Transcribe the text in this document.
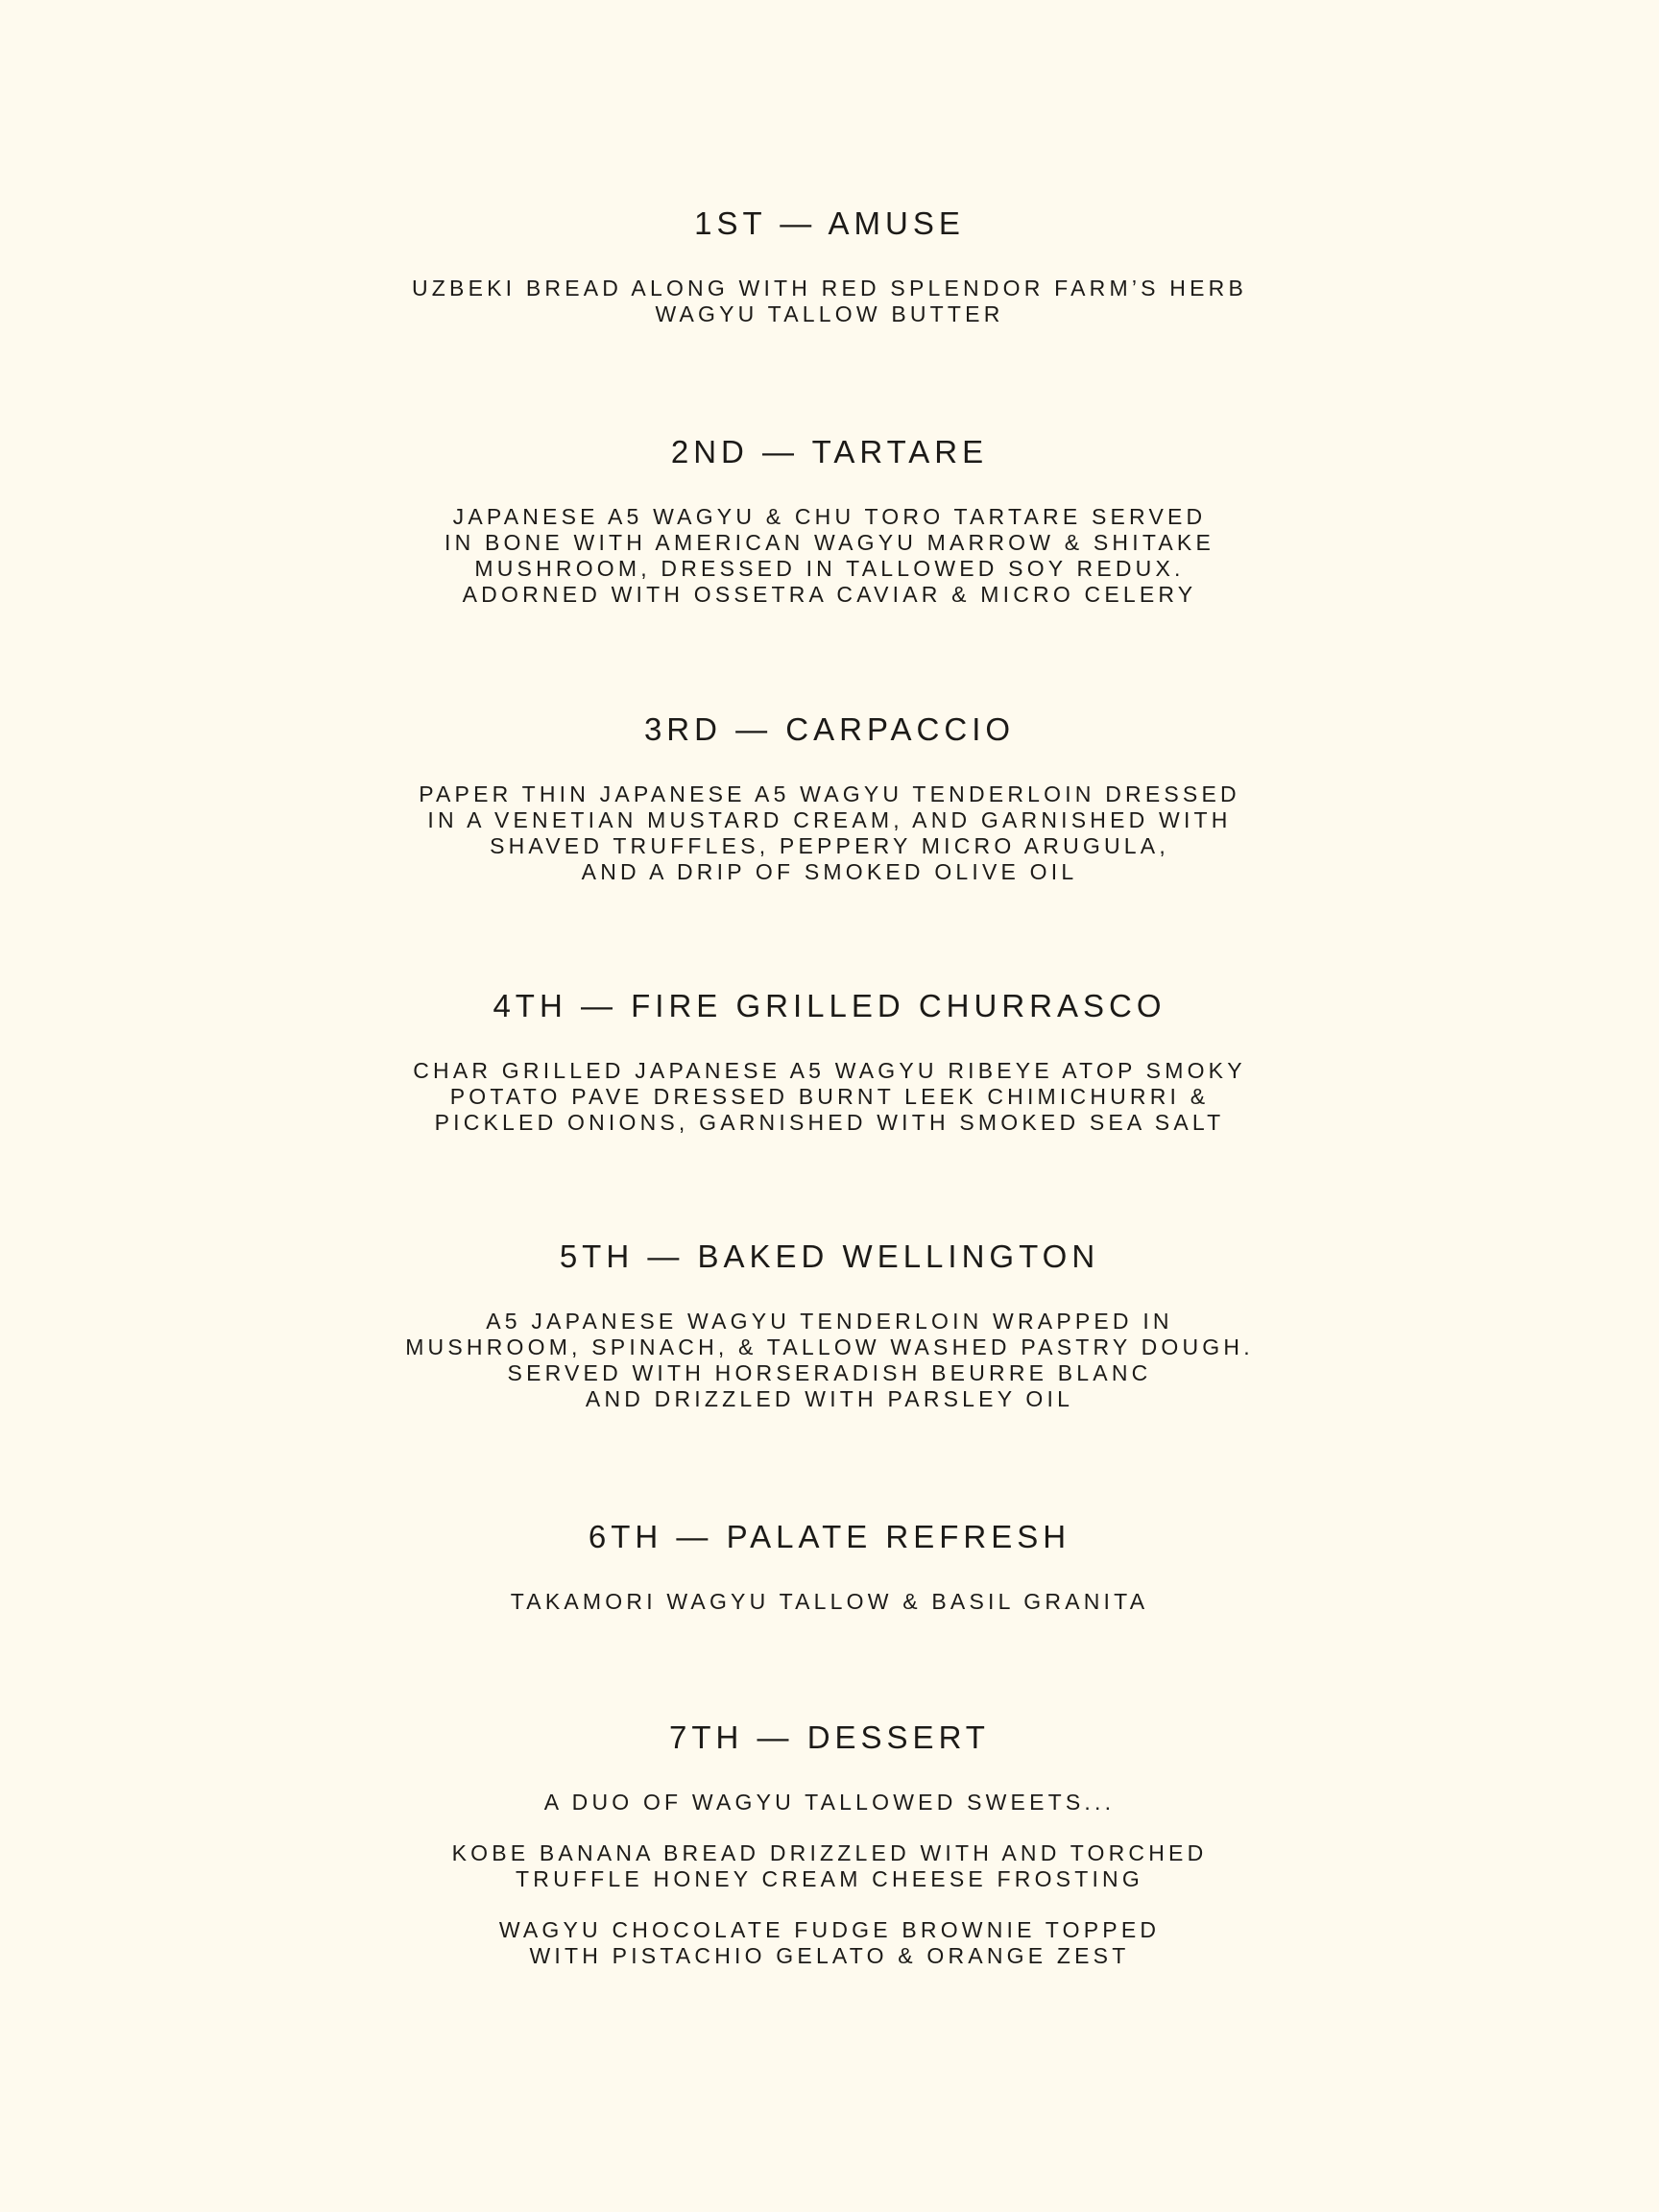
1ST — AMUSE
UZBEKI BREAD ALONG WITH RED SPLENDOR FARM’S HERB
WAGYU TALLOW BUTTER
2ND — TARTARE
JAPANESE A5 WAGYU & CHU TORO TARTARE SERVED
IN BONE WITH AMERICAN WAGYU MARROW & SHITAKE
MUSHROOM, DRESSED IN TALLOWED SOY REDUX.
ADORNED WITH OSSETRA CAVIAR & MICRO CELERY
3RD — CARPACCIO
PAPER THIN JAPANESE A5 WAGYU TENDERLOIN DRESSED
IN A VENETIAN MUSTARD CREAM, AND GARNISHED WITH
SHAVED TRUFFLES, PEPPERY MICRO ARUGULA,
AND A DRIP OF SMOKED OLIVE OIL
4TH — FIRE GRILLED CHURRASCO
CHAR GRILLED JAPANESE A5 WAGYU RIBEYE ATOP SMOKY
POTATO PAVE DRESSED BURNT LEEK CHIMICHURRI &
PICKLED ONIONS, GARNISHED WITH SMOKED SEA SALT
5TH — BAKED WELLINGTON
A5 JAPANESE WAGYU TENDERLOIN WRAPPED IN
MUSHROOM, SPINACH, & TALLOW WASHED PASTRY DOUGH.
SERVED WITH HORSERADISH BEURRE BLANC
AND DRIZZLED WITH PARSLEY OIL
6TH — PALATE REFRESH
TAKAMORI WAGYU TALLOW & BASIL GRANITA
7TH — DESSERT
A DUO OF WAGYU TALLOWED SWEETS...
KOBE BANANA BREAD DRIZZLED WITH AND TORCHED
TRUFFLE HONEY CREAM CHEESE FROSTING
WAGYU CHOCOLATE FUDGE BROWNIE TOPPED
WITH PISTACHIO GELATO & ORANGE ZEST
